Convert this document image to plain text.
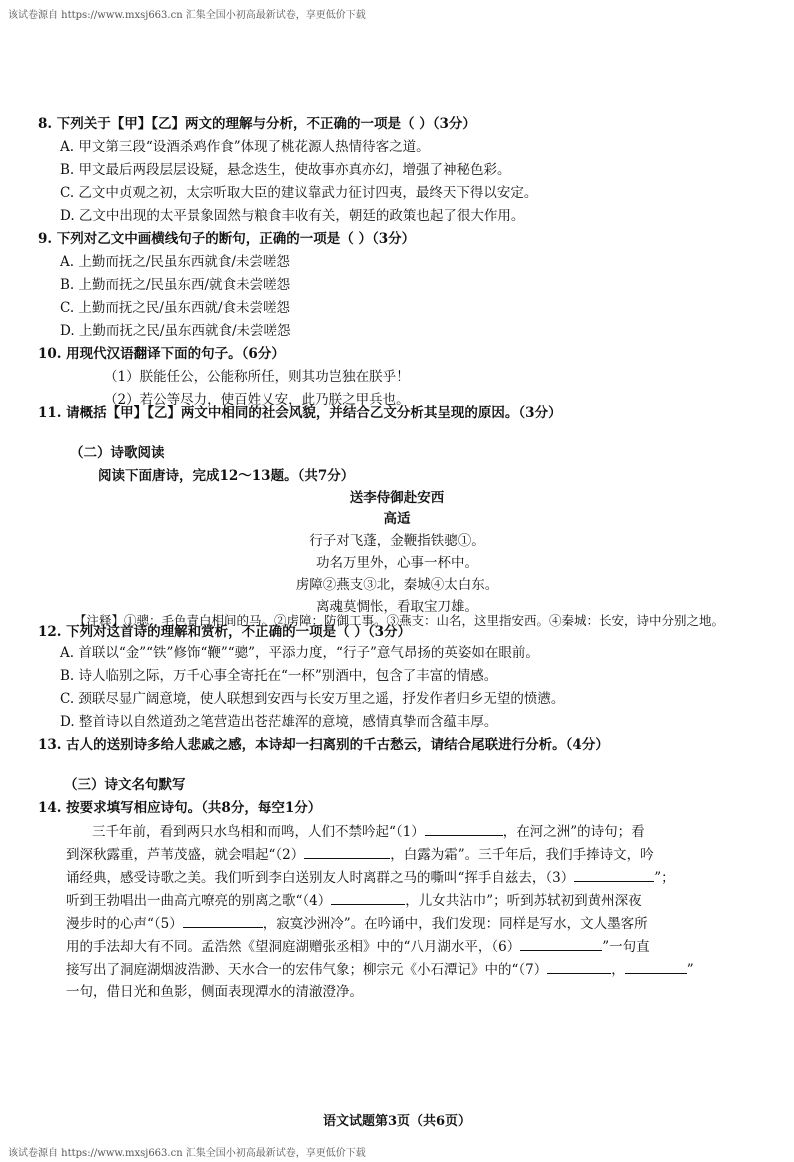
该试卷源自 https://www.mxsj663.cn 汇集全国小初高最新试卷，享更低价下载
8. 下列关于【甲】【乙】两文的理解与分析，不正确的一项是（ ）（3分）
A. 甲文第三段“设酒杀鸡作食”体现了桃花源人热情待客之道。
B. 甲文最后两段层层设疑，悬念迭生，使故事亦真亦幻，增强了神秘色彩。
C. 乙文中贞观之初，太宗听取大臣的建议靠武力征讨四夷，最终天下得以安定。
D. 乙文中出现的太平景象固然与粮食丰收有关，朝廷的政策也起了很大作用。
9. 下列对乙文中画横线句子的断句，正确的一项是（ ）（3分）
A. 上勤而抚之/民虽东西就食/未尝嗟怨
B. 上勤而抚之/民虽东西/就食未尝嗟怨
C. 上勤而抚之民/虽东西就/食未尝嗟怨
D. 上勤而抚之民/虽东西就食/未尝嗟怨
10. 用现代汉语翻译下面的句子。（6分）
（1）朕能任公，公能称所任，则其功岂独在朕乎！
（2）若公等尽力，使百姓乂安，此乃朕之甲兵也。
11. 请概括【甲】【乙】两文中相同的社会风貌，并结合乙文分析其呈现的原因。（3分）
（二）诗歌阅读
阅读下面唐诗，完成12～13题。（共7分）
送李侍御赴安西
高适
行子对飞蓬，金鞭指铁骢①。
功名万里外，心事一杯中。
虏障②燕支③北，秦城④太白东。
离魂莫惆怅，看取宝刀雄。
【注释】①骢：毛色青白相间的马。②虏障：防御工事。③燕支：山名，这里指安西。④秦城：长安，诗中分别之地。
12. 下列对这首诗的理解和赏析，不正确的一项是（ ）（3分）
A. 首联以“金”“铁”修饰“鞭”“骢”，平添力度，“行子”意气昂扬的英姿如在眼前。
B. 诗人临别之际，万千心事全寄托在“一杯”别酒中，包含了丰富的情感。
C. 颈联尽显广阔意境，使人联想到安西与长安万里之遥，抒发作者归乡无望的愤懑。
D. 整首诗以自然道劲之笔营造出苍茫雄浑的意境，感情真挚而含蕴丰厚。
13. 古人的送别诗多给人悲戚之感，本诗却一扫离别的千古愁云，请结合尾联进行分析。（4分）
（三）诗文名句默写
14. 按要求填写相应诗句。（共8分，每空1分）
三千年前，看到两只水鸟相和而鸣，人们不禁吟起“（1）	，在河之洲”的诗句；看
到深秋露重，芦苇茂盛，就会唱起“（2）	，白露为霜”。三千年后，我们手捧诗文，吟
诵经典，感受诗歌之美。我们听到李白送别友人时离群之马的嘶叫“挥手自兹去，（3）	”；
听到王勃唱出一曲高亢嘹亮的别离之歌“（4）	，儿女共沾巾”；听到苏轼初到黄州深夜
漫步时的心声“（5）	，寂寞沙洲冷”。在吟诵中，我们发现：同样是写水，文人墨客所
用的手法却大有不同。孟浩然《望洞庭湖赠张丞相》中的“八月湖水平，（6）	”一句直
接写出了洞庭湖烟波浩渺、天水合一的宏伟气象；柳宗元《小石潭记》中的“（7）	，	”
一句，借日光和鱼影，侧面表现潭水的清澈澄净。
语文试题第3页（共6页）
该试卷源自 https://www.mxsj663.cn 汇集全国小初高最新试卷，享更低价下载
